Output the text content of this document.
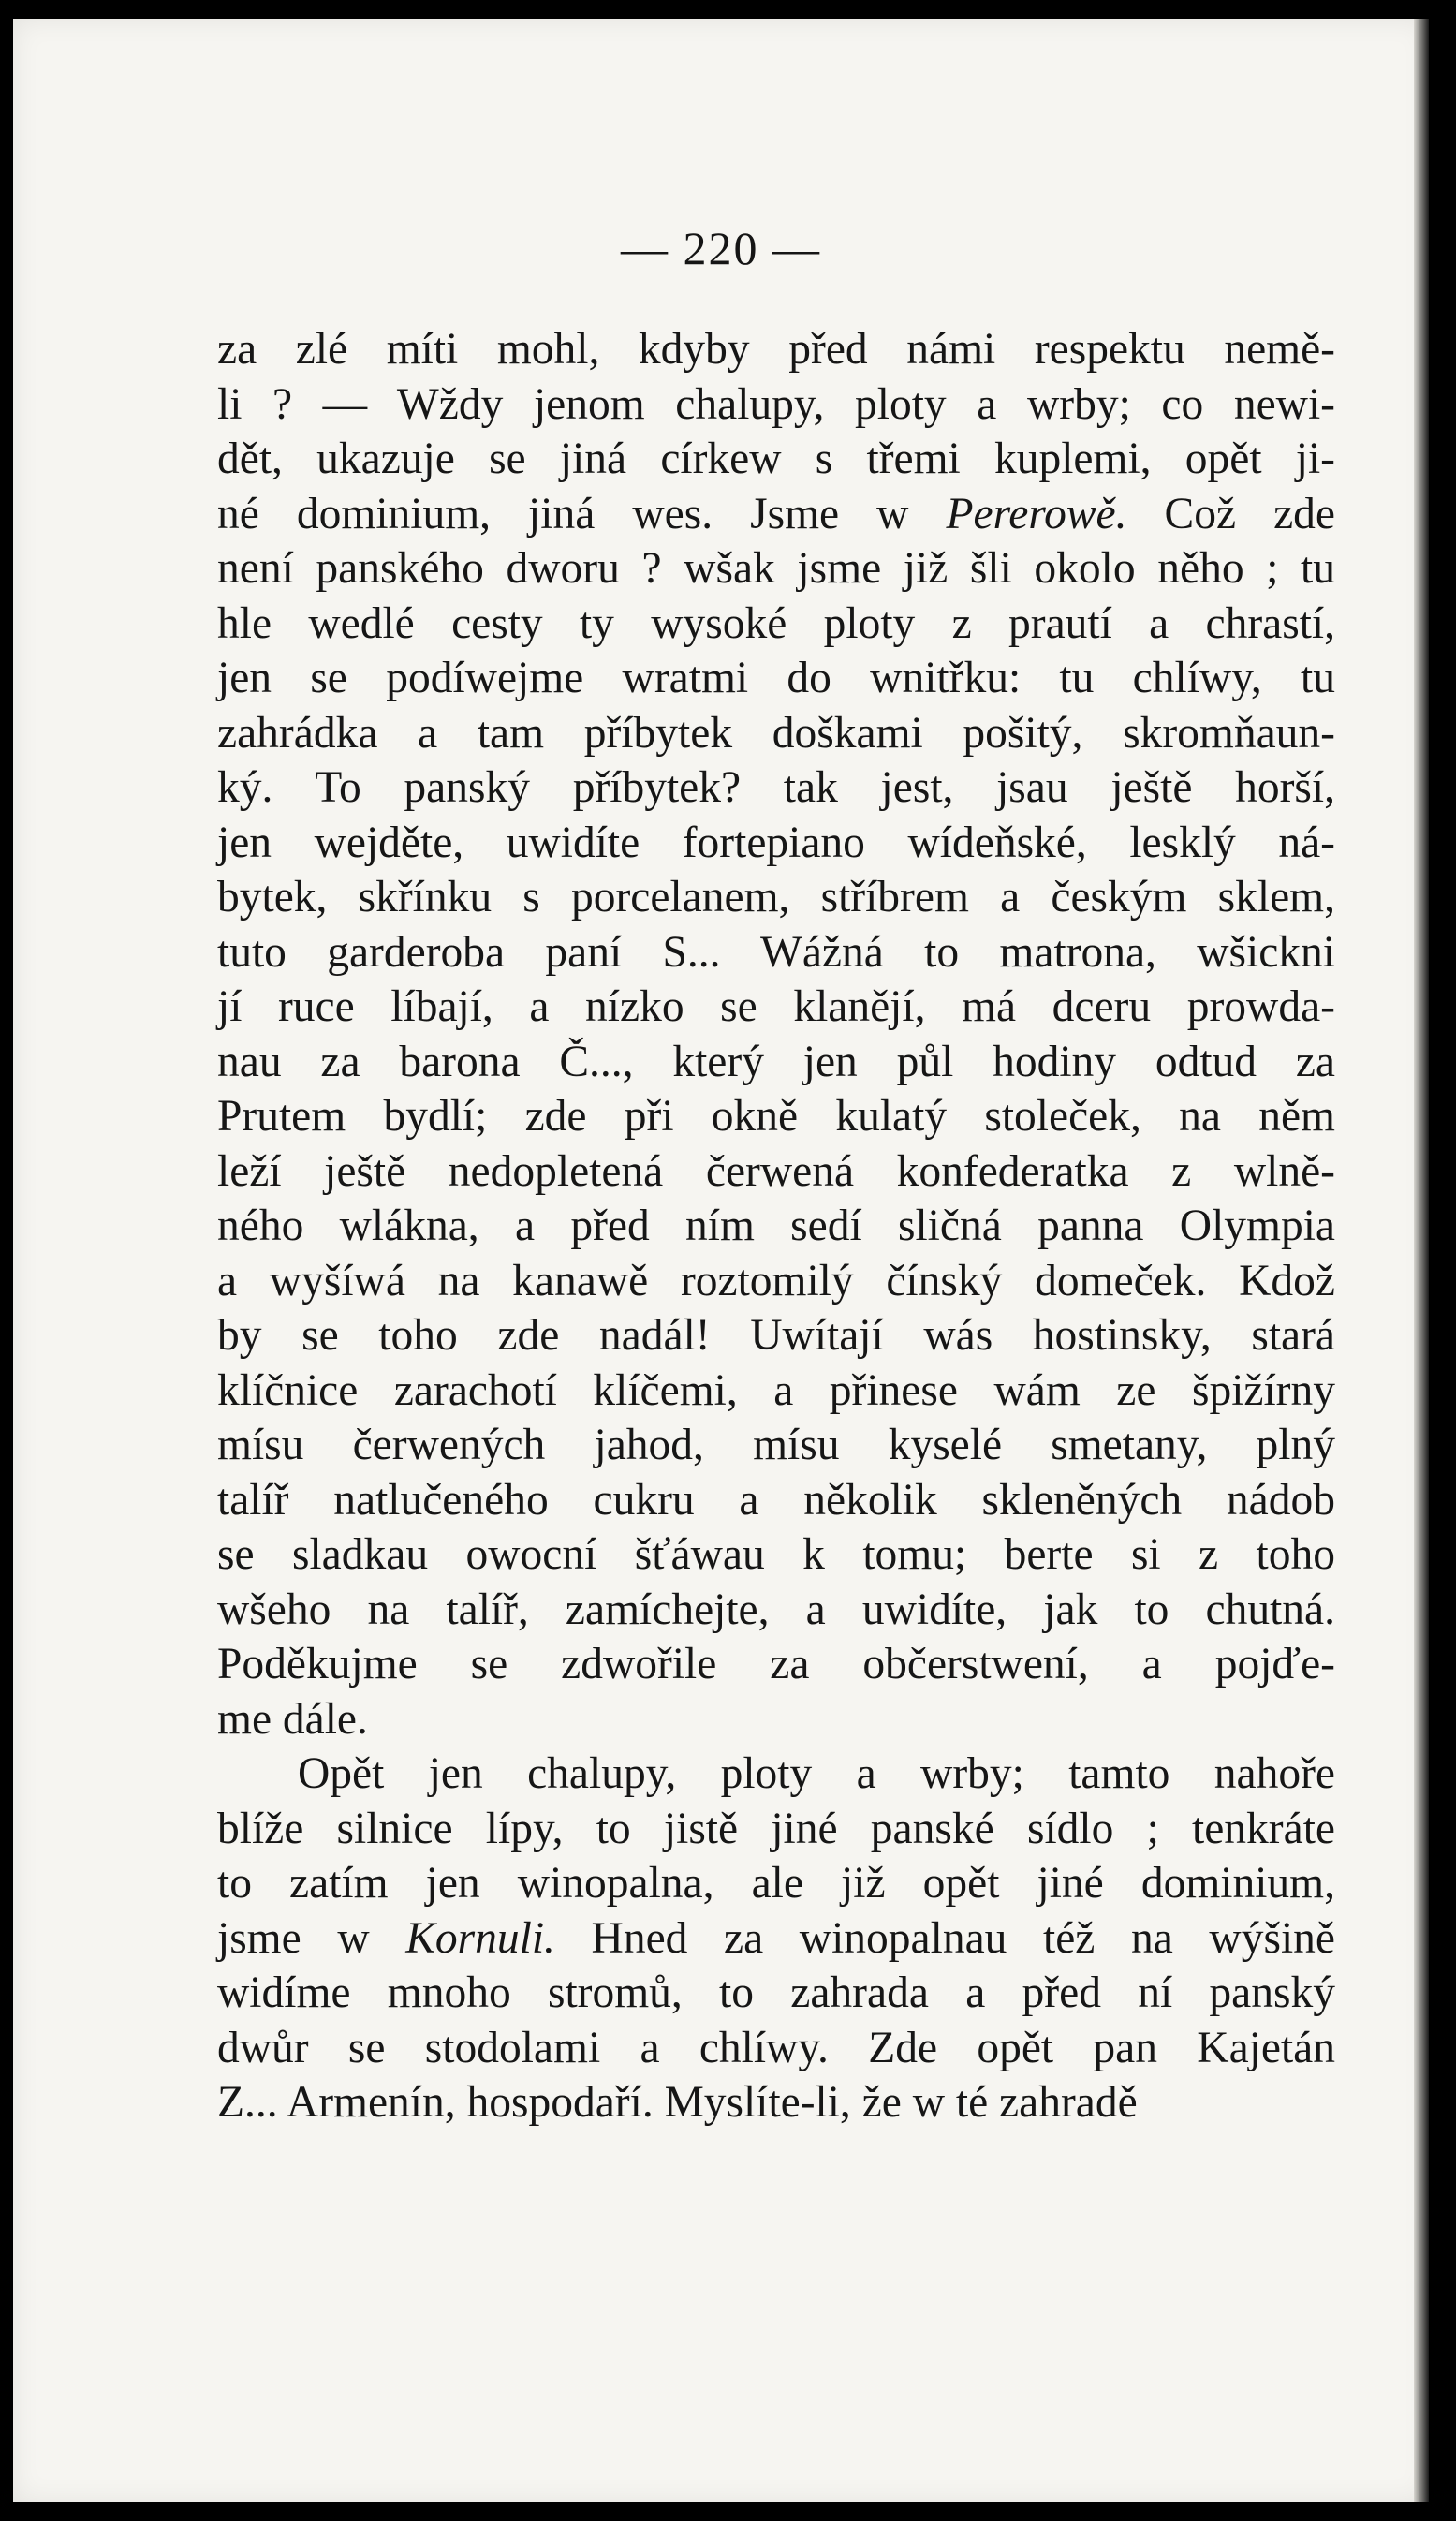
— 220 —
za zlé míti mohl, kdyby před námi respektu nemě-
li ? — Wždy jenom chalupy, ploty a wrby; co newi-
dět, ukazuje se jiná církew s třemi kuplemi, opět ji-
né dominium, jiná wes. Jsme w Pererowě. Což zde
není panského dworu ? wšak jsme již šli okolo něho ; tu
hle wedlé cesty ty wysoké ploty z prautí a chrastí,
jen se podíwejme wratmi do wnitřku: tu chlíwy, tu
zahrádka a tam příbytek doškami pošitý, skromňaun-
ký. To panský příbytek? tak jest, jsau ještě horší,
jen wejděte, uwidíte fortepiano wídeňské, lesklý ná-
bytek, skřínku s porcelanem, stříbrem a českým sklem,
tuto garderoba paní S... Wážná to matrona, wšickni
jí ruce líbají, a nízko se klanějí, má dceru prowda-
nau za barona Č..., který jen půl hodiny odtud za
Prutem bydlí; zde při okně kulatý stoleček, na něm
leží ještě nedopletená čerwená konfederatka z wlně-
ného wlákna, a před ním sedí sličná panna Olympia
a wyšíwá na kanawě roztomilý čínský domeček. Kdož
by se toho zde nadál! Uwítají wás hostinsky, stará
klíčnice zarachotí klíčemi, a přinese wám ze špižírny
mísu čerwených jahod, mísu kyselé smetany, plný
talíř natlučeného cukru a několik skleněných nádob
se sladkau owocní šťáwau k tomu; berte si z toho
wšeho na talíř, zamíchejte, a uwidíte, jak to chutná.
Poděkujme se zdwořile za občerstwení, a pojďe-
me dále.
Opět jen chalupy, ploty a wrby; tamto nahoře
blíže silnice lípy, to jistě jiné panské sídlo ; tenkráte
to zatím jen winopalna, ale již opět jiné dominium,
jsme w Kornuli. Hned za winopalnau též na wýšině
widíme mnoho stromů, to zahrada a před ní panský
dwůr se stodolami a chlíwy. Zde opět pan Kajetán
Z... Armenín, hospodaří. Myslíte-li, že w té zahradě
